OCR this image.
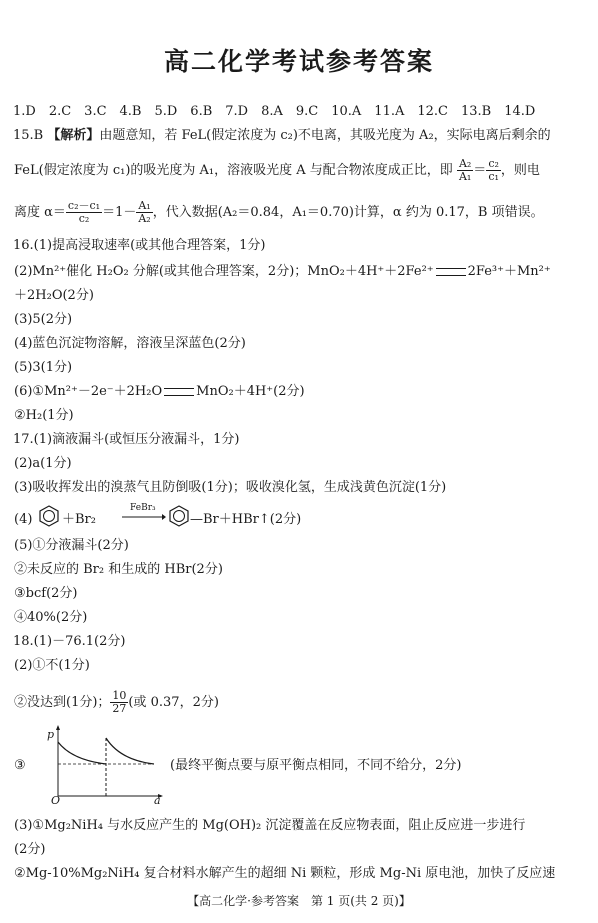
高二化学考试参考答案
1.D　2.C　3.C　4.B　5.D　6.B　7.D　8.A　9.C　10.A　11.A　12.C　13.B　14.D
15.B 【解析】由题意知，若 FeL(假定浓度为 c₂)不电离，其吸光度为 A₂，实际电离后剩余的
FeL(假定浓度为 c₁)的吸光度为 A₁，溶液吸光度 A 与配合物浓度成正比，即 $\frac{\text{A₂}}{\text{A₁}} = \frac{\text{c₂}}{\text{c₁}}$ ，则电
离度 $\alpha= \frac{\text{c₂－c₁}}{\text{c₂}} =1- \frac{\text{A₁}}{\text{A₂}}$ ，代入数据(A₂＝0.84，A₁＝0.70)计算，α 约为 0.17，B 项错误。
16.(1)提高浸取速率(或其他合理答案，1分)
(2)Mn²⁺催化 H₂O₂ 分解(或其他合理答案，2分)；MnO₂＋4H⁺＋2Fe²⁺	2Fe³⁺＋Mn²⁺
＋2H₂O(2分)
(3)5(2分)
(4)蓝色沉淀物溶解，溶液呈深蓝色(2分)
(5)3(1分)
(6)①Mn²⁺－2e⁻＋2H₂O	MnO₂＋4H⁺(2分)
②H₂(1分)
17.(1)滴液漏斗(或恒压分液漏斗，1分)
(2)a(1分)
(3)吸收挥发出的溴蒸气且防倒吸(1分)；吸收溴化氢，生成浅黄色沉淀(1分)
(4) ＋Br₂
FeBr₃
—Br＋HBr↑(2分)
(5)①分液漏斗(2分)
②未反应的 Br₂ 和生成的 HBr(2分)
③bcf(2分)
④40%(2分)
18.(1)－76.1(2分)
(2)①不(1分)
②没达到(1分)； $\frac{10}{27}$ (或 0.37，2分)
③
p
O	a
(最终平衡点要与原平衡点相同，不同不给分，2分)
(3)①Mg₂NiH₄ 与水反应产生的 Mg(OH)₂ 沉淀覆盖在反应物表面，阻止反应进一步进行
(2分)
②Mg-10%Mg₂NiH₄ 复合材料水解产生的超细 Ni 颗粒，形成 Mg-Ni 原电池，加快了反应速
【高二化学·参考答案　第 1 页(共 2 页)】
